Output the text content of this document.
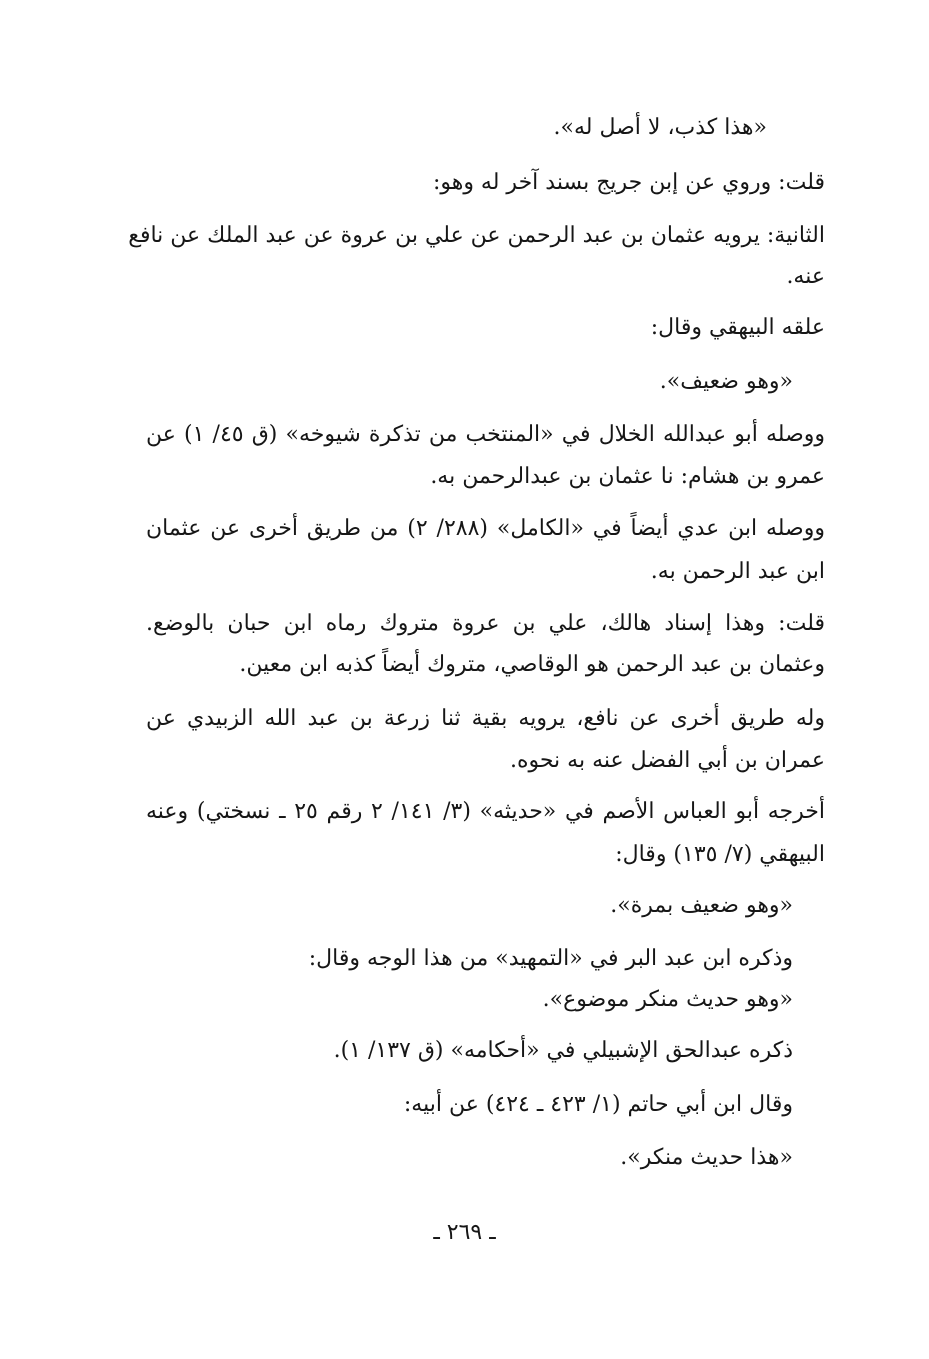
«هذا كذب، لا أصل له».
قلت: وروي عن إبن جريج بسند آخر له وهو:
الثانية: يرويه عثمان بن عبد الرحمن عن علي بن عروة عن عبد الملك عن نافع
عنه.
علقه البيهقي وقال:
«وهو ضعيف».
ووصله أبو عبدالله الخلال في «المنتخب من تذكرة شيوخه» (ق ٤٥/ ١) عن
عمرو بن هشام: نا عثمان بن عبدالرحمن به.
ووصله ابن عدي أيضاً في «الكامل» (٢٨٨/ ٢) من طريق أخرى عن عثمان
ابن عبد الرحمن به.
قلت: وهذا إسناد هالك، علي بن عروة متروك رماه ابن حبان بالوضع.
وعثمان بن عبد الرحمن هو الوقاصي، متروك أيضاً كذبه ابن معين.
وله طريق أخرى عن نافع، يرويه بقية ثنا زرعة بن عبد الله الزبيدي عن
عمران بن أبي الفضل عنه به نحوه.
أخرجه أبو العباس الأصم في «حديثه» (٣/ ١٤١/ ٢ رقم ٢٥ ـ نسختي) وعنه
البيهقي (٧/ ١٣٥) وقال:
«وهو ضعيف بمرة».
وذكره ابن عبد البر في «التمهيد» من هذا الوجه وقال:
«وهو حديث منكر موضوع».
ذكره عبدالحق الإشبيلي في «أحكامه» (ق ١٣٧/ ١).
وقال ابن أبي حاتم (١/ ٤٢٣ ـ ٤٢٤) عن أبيه:
«هذا حديث منكر».
ـ ٢٦٩ ـ
